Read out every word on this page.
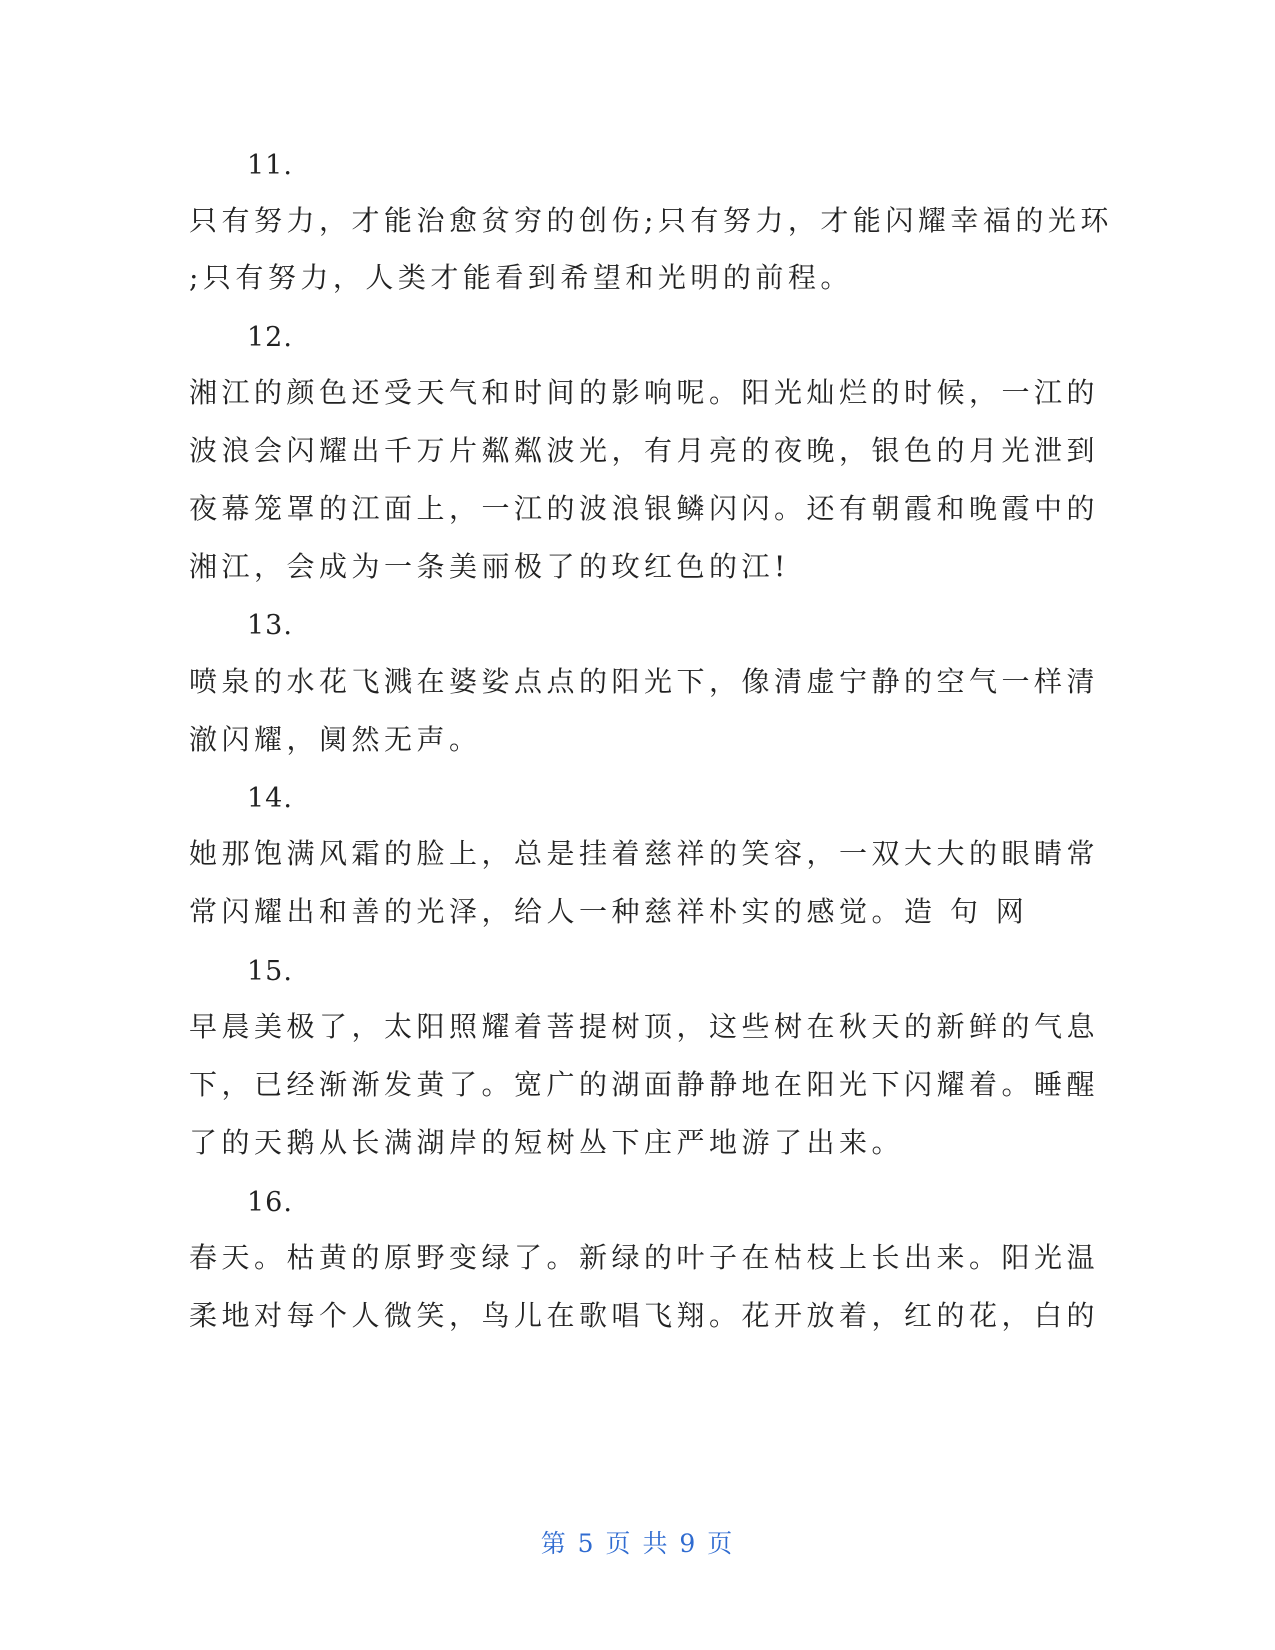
11.
只有努力，才能治愈贫穷的创伤;只有努力，才能闪耀幸福的光环
;只有努力，人类才能看到希望和光明的前程。
12.
湘江的颜色还受天气和时间的影响呢。阳光灿烂的时候，一江的
波浪会闪耀出千万片粼粼波光，有月亮的夜晚，银色的月光泄到
夜幕笼罩的江面上，一江的波浪银鳞闪闪。还有朝霞和晚霞中的
湘江，会成为一条美丽极了的玫红色的江!
13.
喷泉的水花飞溅在婆娑点点的阳光下，像清虚宁静的空气一样清
澈闪耀，阒然无声。
14.
她那饱满风霜的脸上，总是挂着慈祥的笑容，一双大大的眼睛常
常闪耀出和善的光泽，给人一种慈祥朴实的感觉。造 句 网
15.
早晨美极了，太阳照耀着菩提树顶，这些树在秋天的新鲜的气息
下，已经渐渐发黄了。宽广的湖面静静地在阳光下闪耀着。睡醒
了的天鹅从长满湖岸的短树丛下庄严地游了出来。
16.
春天。枯黄的原野变绿了。新绿的叶子在枯枝上长出来。阳光温
柔地对每个人微笑，鸟儿在歌唱飞翔。花开放着，红的花，白的
第 5 页 共 9 页
